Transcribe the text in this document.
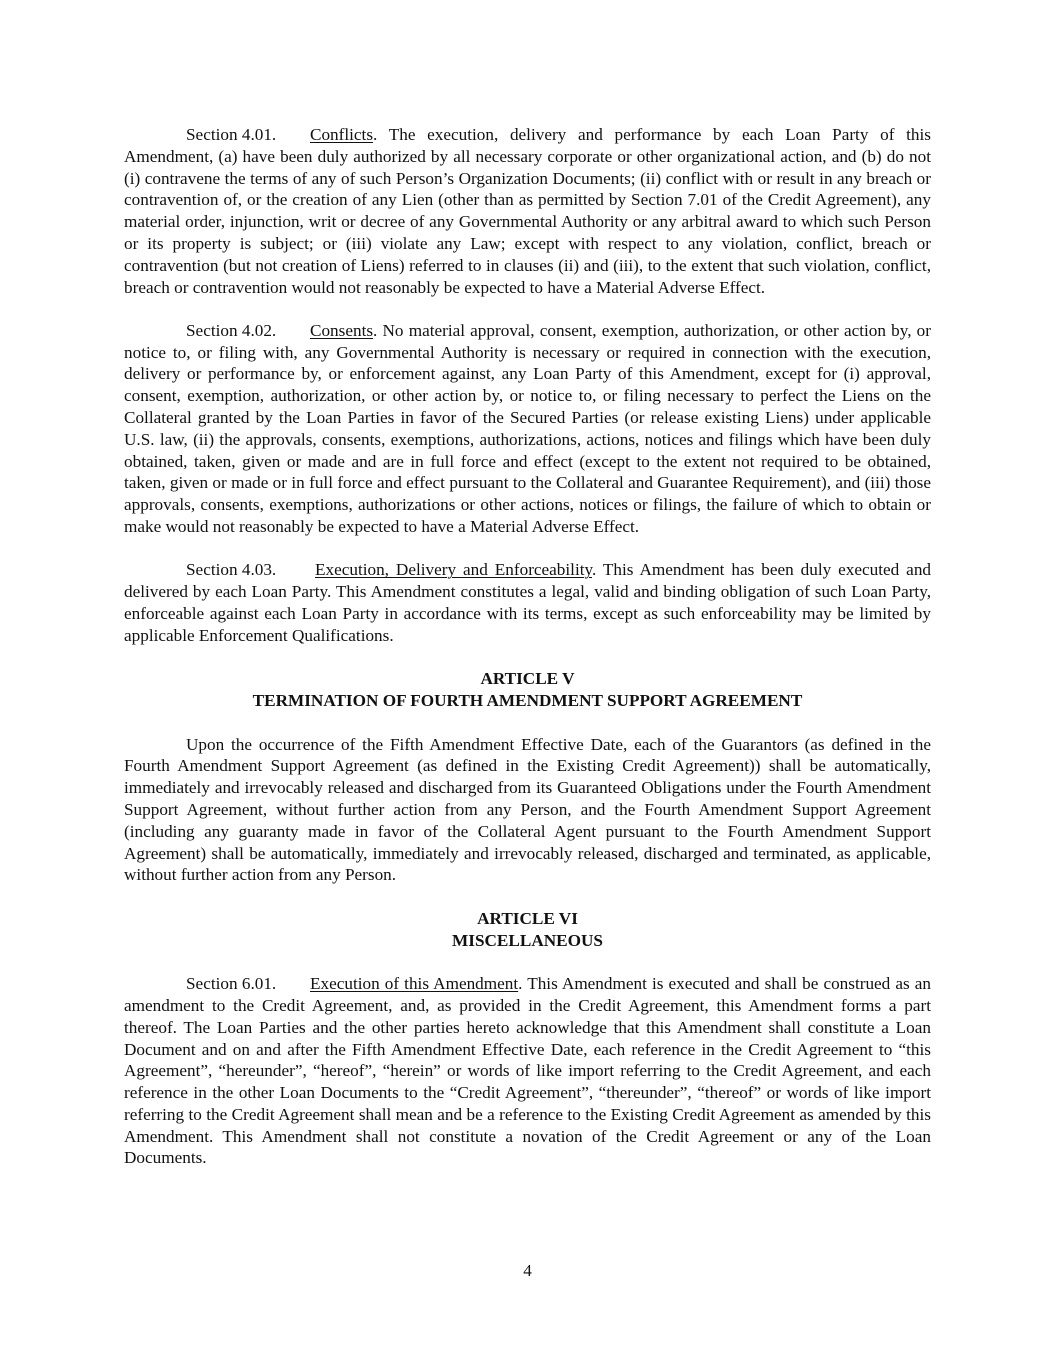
Section 4.01. Conflicts. The execution, delivery and performance by each Loan Party of this Amendment, (a) have been duly authorized by all necessary corporate or other organizational action, and (b) do not (i) contravene the terms of any of such Person’s Organization Documents; (ii) conflict with or result in any breach or contravention of, or the creation of any Lien (other than as permitted by Section 7.01 of the Credit Agreement), any material order, injunction, writ or decree of any Governmental Authority or any arbitral award to which such Person or its property is subject; or (iii) violate any Law; except with respect to any violation, conflict, breach or contravention (but not creation of Liens) referred to in clauses (ii) and (iii), to the extent that such violation, conflict, breach or contravention would not reasonably be expected to have a Material Adverse Effect.

Section 4.02. Consents. No material approval, consent, exemption, authorization, or other action by, or notice to, or filing with, any Governmental Authority is necessary or required in connection with the execution, delivery or performance by, or enforcement against, any Loan Party of this Amendment, except for (i) approval, consent, exemption, authorization, or other action by, or notice to, or filing necessary to perfect the Liens on the Collateral granted by the Loan Parties in favor of the Secured Parties (or release existing Liens) under applicable U.S. law, (ii) the approvals, consents, exemptions, authorizations, actions, notices and filings which have been duly obtained, taken, given or made and are in full force and effect (except to the extent not required to be obtained, taken, given or made or in full force and effect pursuant to the Collateral and Guarantee Requirement), and (iii) those approvals, consents, exemptions, authorizations or other actions, notices or filings, the failure of which to obtain or make would not reasonably be expected to have a Material Adverse Effect.

Section 4.03. Execution, Delivery and Enforceability. This Amendment has been duly executed and delivered by each Loan Party. This Amendment constitutes a legal, valid and binding obligation of such Loan Party, enforceable against each Loan Party in accordance with its terms, except as such enforceability may be limited by applicable Enforcement Qualifications.

ARTICLE V
TERMINATION OF FOURTH AMENDMENT SUPPORT AGREEMENT

Upon the occurrence of the Fifth Amendment Effective Date, each of the Guarantors (as defined in the Fourth Amendment Support Agreement (as defined in the Existing Credit Agreement)) shall be automatically, immediately and irrevocably released and discharged from its Guaranteed Obligations under the Fourth Amendment Support Agreement, without further action from any Person, and the Fourth Amendment Support Agreement (including any guaranty made in favor of the Collateral Agent pursuant to the Fourth Amendment Support Agreement) shall be automatically, immediately and irrevocably released, discharged and terminated, as applicable, without further action from any Person.

ARTICLE VI
MISCELLANEOUS

Section 6.01. Execution of this Amendment. This Amendment is executed and shall be construed as an amendment to the Credit Agreement, and, as provided in the Credit Agreement, this Amendment forms a part thereof. The Loan Parties and the other parties hereto acknowledge that this Amendment shall constitute a Loan Document and on and after the Fifth Amendment Effective Date, each reference in the Credit Agreement to “this Agreement”, “hereunder”, “hereof”, “herein” or words of like import referring to the Credit Agreement, and each reference in the other Loan Documents to the “Credit Agreement”, “thereunder”, “thereof” or words of like import referring to the Credit Agreement shall mean and be a reference to the Existing Credit Agreement as amended by this Amendment. This Amendment shall not constitute a novation of the Credit Agreement or any of the Loan Documents.

4
